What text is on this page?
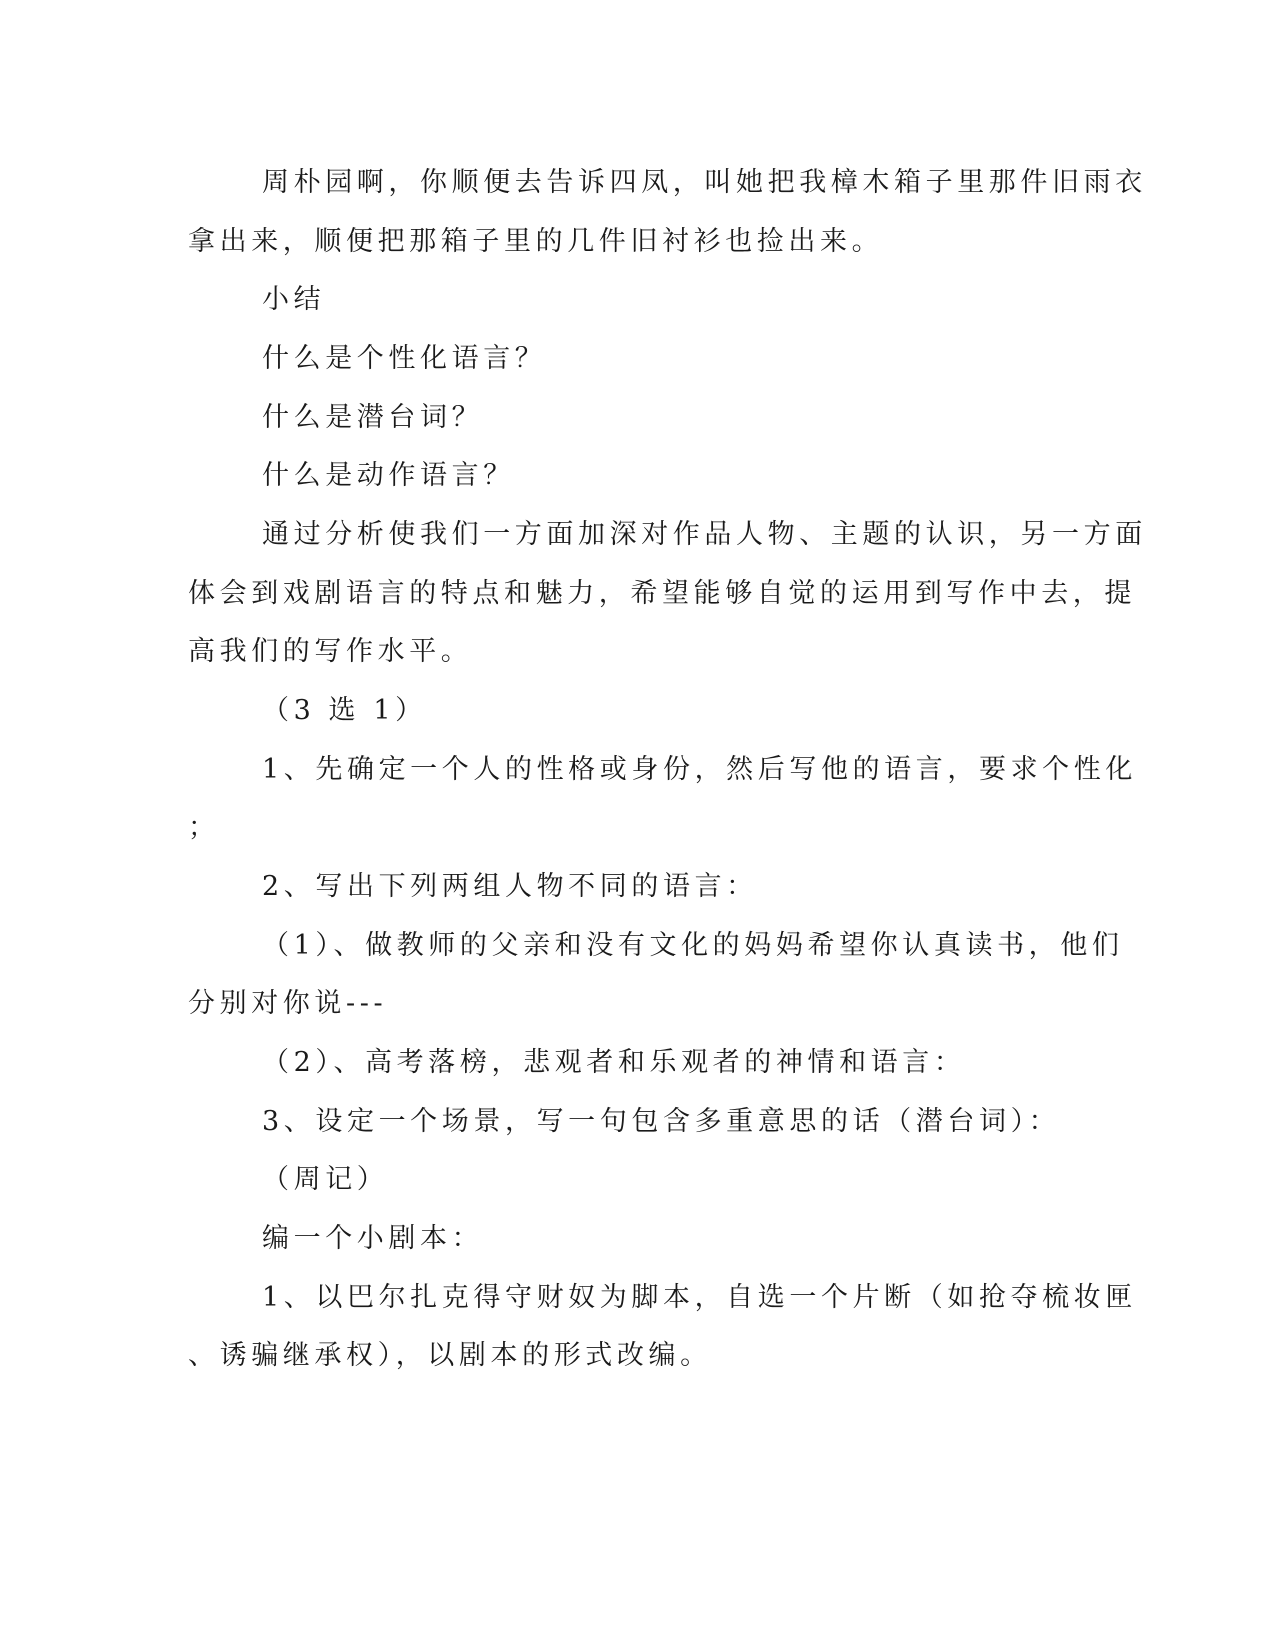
周朴园啊，你顺便去告诉四凤，叫她把我樟木箱子里那件旧雨衣

拿出来，顺便把那箱子里的几件旧衬衫也捡出来。

小结

什么是个性化语言？

什么是潜台词？

什么是动作语言？

通过分析使我们一方面加深对作品人物、主题的认识，另一方面

体会到戏剧语言的特点和魅力，希望能够自觉的运用到写作中去，提

高我们的写作水平。

（3 选 1）

1、先确定一个人的性格或身份，然后写他的语言，要求个性化

；

2、写出下列两组人物不同的语言：

（1）、做教师的父亲和没有文化的妈妈希望你认真读书，他们

分别对你说---

（2）、高考落榜，悲观者和乐观者的神情和语言：

3、设定一个场景，写一句包含多重意思的话（潜台词）：

（周记）

编一个小剧本：

1、以巴尔扎克得守财奴为脚本，自选一个片断（如抢夺梳妆匣

、诱骗继承权），以剧本的形式改编。
